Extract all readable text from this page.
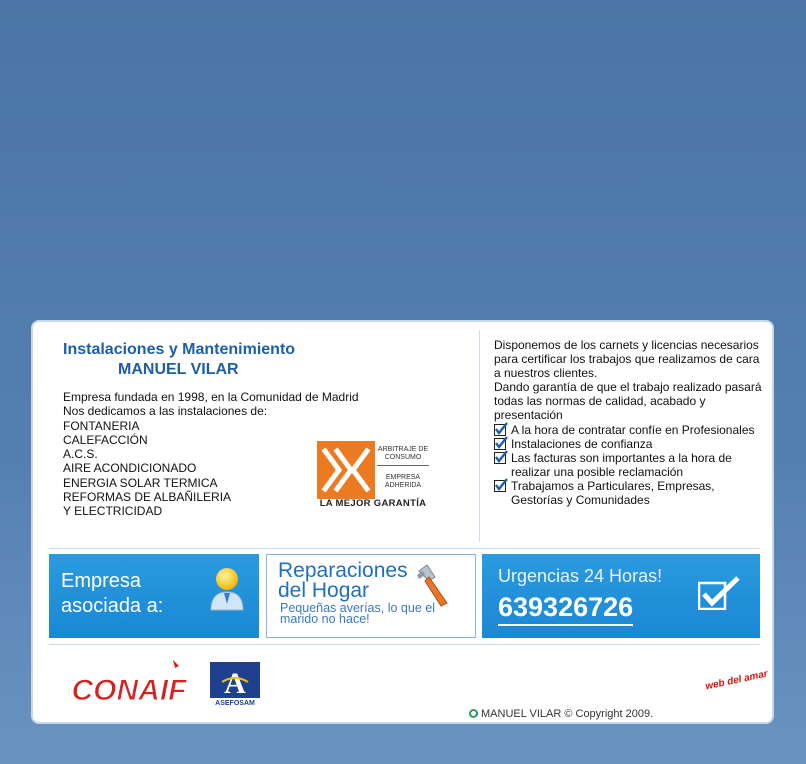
Instalaciones y Mantenimiento
MANUEL VILAR
Empresa fundada en 1998, en la Comunidad de Madrid
Nos dedicamos a las instalaciones de:
FONTANERIA
CALEFACCIÓN
A.C.S.
AIRE ACONDICIONADO
ENERGIA SOLAR TERMICA
REFORMAS DE ALBAÑILERIA
Y ELECTRICIDAD
ARBITRAJE DE CONSUMO
EMPRESA ADHERIDA
LA MEJOR GARANTÍA

Disponemos de los carnets y licencias necesarios para certificar los trabajos que realizamos de cara a nuestros clientes.

Dando garantía de que el trabajo realizado pasará todas las normas de calidad, acabado y presentación

A la hora de contratar confíe en Profesionales
Instalaciones de confianza
Las facturas son importantes a la hora de realizar una posible reclamación
Trabajamos a Particulares, Empresas, Gestorías y Comunidades
Empresa
asociada a:
Reparaciones
del Hogar
Pequeñas averías, lo que el marido no hace!
Urgencias 24 Horas!
639326726
CONAIF A
ASEFOSAM
MANUEL VILAR © Copyright 2009.
web del amar
